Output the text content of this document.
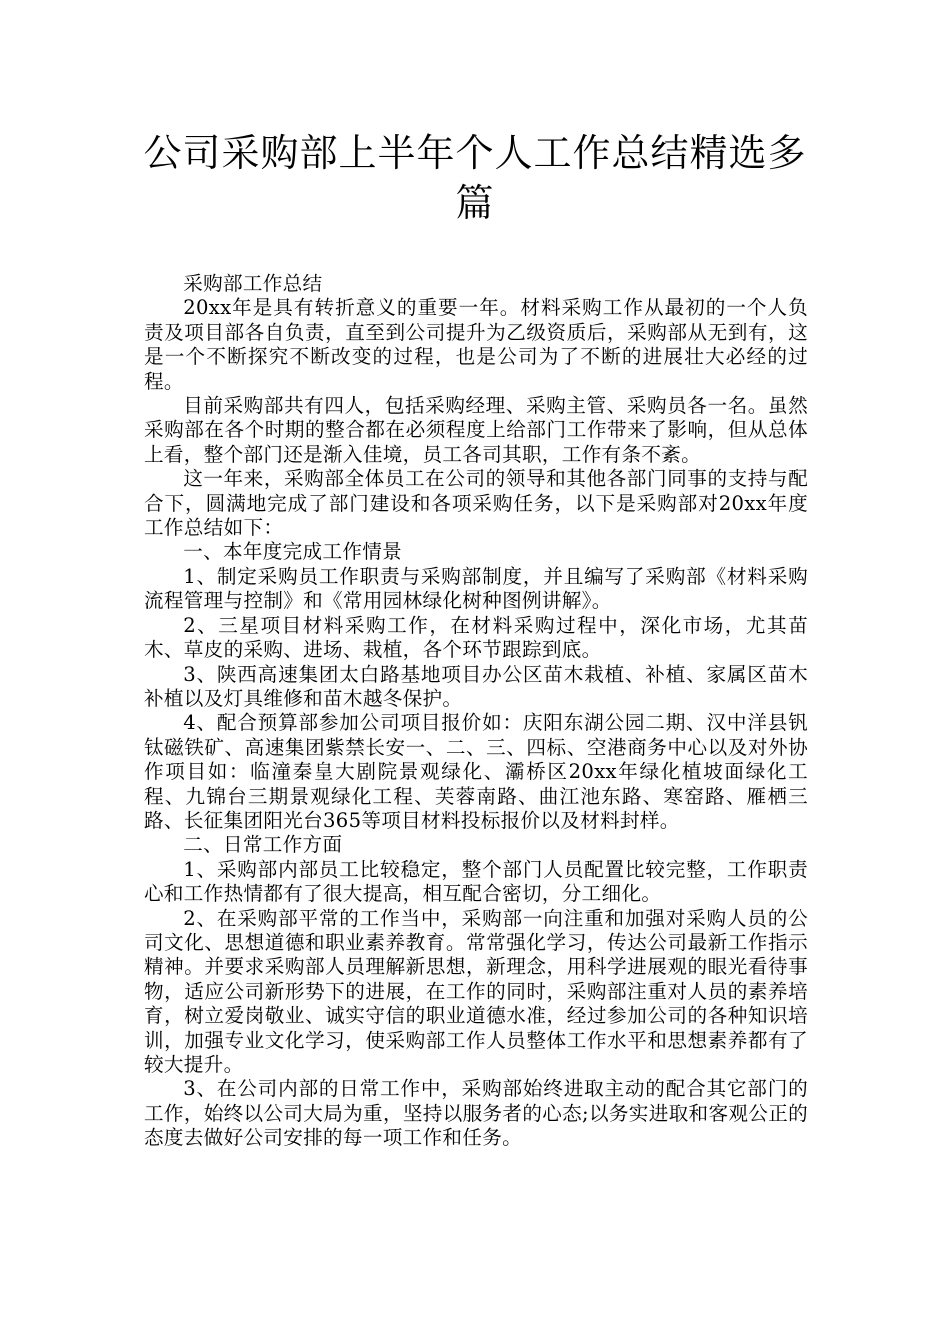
公司采购部上半年个人工作总结精选多
篇

采购部工作总结

20xx年是具有转折意义的重要一年。材料采购工作从最初的一个人负责及项目部各自负责，直至到公司提升为乙级资质后，采购部从无到有，这是一个不断探究不断改变的过程，也是公司为了不断的进展壮大必经的过程。

目前采购部共有四人，包括采购经理、采购主管、采购员各一名。虽然采购部在各个时期的整合都在必须程度上给部门工作带来了影响，但从总体上看，整个部门还是渐入佳境，员工各司其职，工作有条不紊。

这一年来，采购部全体员工在公司的领导和其他各部门同事的支持与配合下，圆满地完成了部门建设和各项采购任务，以下是采购部对20xx年度工作总结如下：

一、本年度完成工作情景

1、制定采购员工作职责与采购部制度，并且编写了采购部《材料采购流程管理与控制》和《常用园林绿化树种图例讲解》。

2、三星项目材料采购工作，在材料采购过程中，深化市场，尤其苗木、草皮的采购、进场、栽植，各个环节跟踪到底。

3、陕西高速集团太白路基地项目办公区苗木栽植、补植、家属区苗木补植以及灯具维修和苗木越冬保护。

4、配合预算部参加公司项目报价如：庆阳东湖公园二期、汉中洋县钒钛磁铁矿、高速集团紫禁长安一、二、三、四标、空港商务中心以及对外协作项目如：临潼秦皇大剧院景观绿化、灞桥区20xx年绿化植坡面绿化工程、九锦台三期景观绿化工程、芙蓉南路、曲江池东路、寒窑路、雁栖三路、长征集团阳光台365等项目材料投标报价以及材料封样。

二、日常工作方面

1、采购部内部员工比较稳定，整个部门人员配置比较完整，工作职责心和工作热情都有了很大提高，相互配合密切，分工细化。

2、在采购部平常的工作当中，采购部一向注重和加强对采购人员的公司文化、思想道德和职业素养教育。常常强化学习，传达公司最新工作指示精神。并要求采购部人员理解新思想，新理念，用科学进展观的眼光看待事物，适应公司新形势下的进展，在工作的同时，采购部注重对人员的素养培育，树立爱岗敬业、诚实守信的职业道德水准，经过参加公司的各种知识培训，加强专业文化学习，使采购部工作人员整体工作水平和思想素养都有了较大提升。

3、在公司内部的日常工作中，采购部始终进取主动的配合其它部门的工作，始终以公司大局为重，坚持以服务者的心态;以务实进取和客观公正的态度去做好公司安排的每一项工作和任务。
